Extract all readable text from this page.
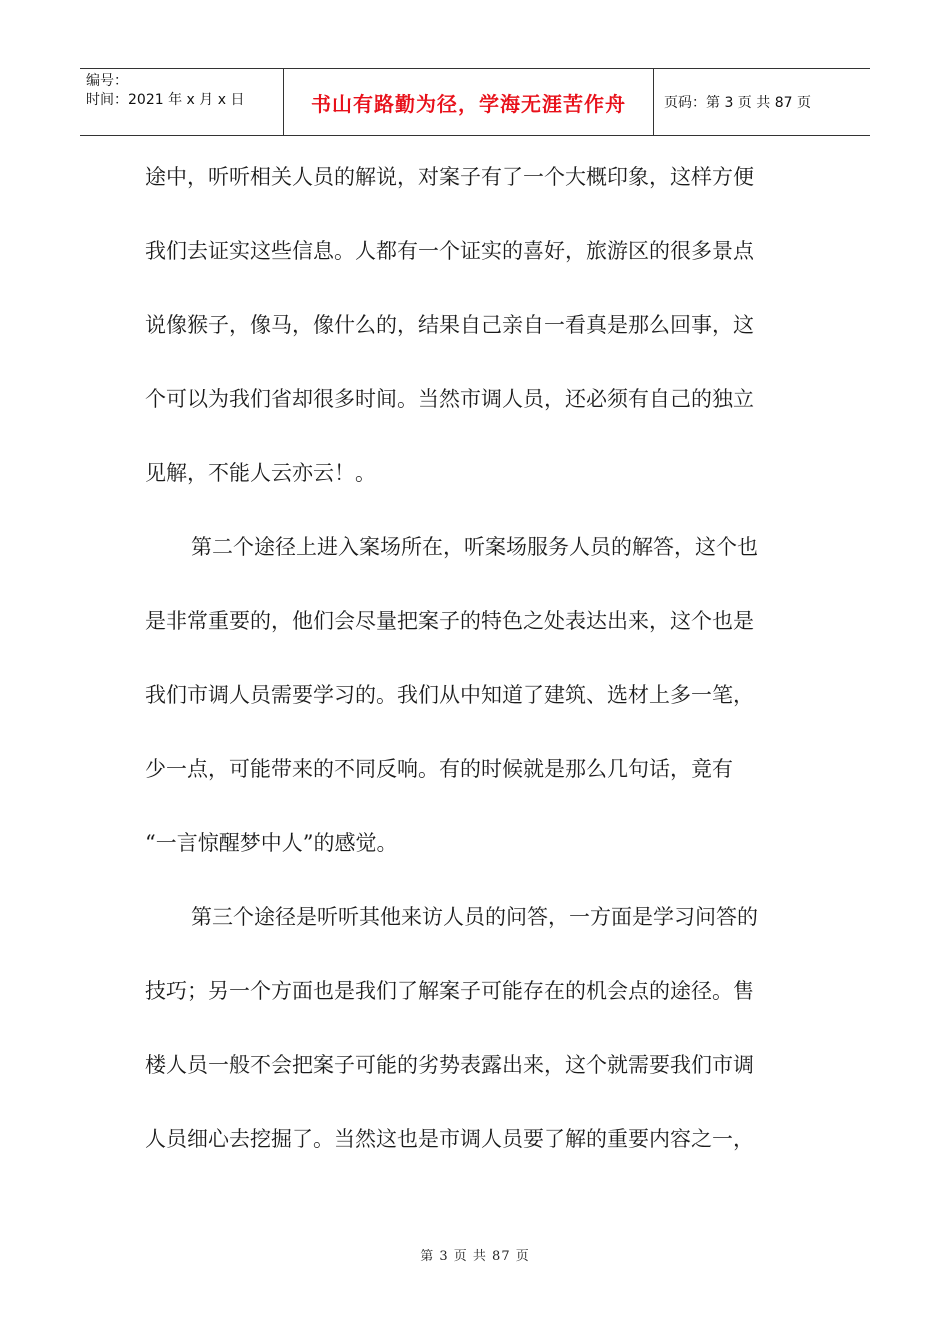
编号：
时间：2021 年 x 月 x 日	书山有路勤为径，学海无涯苦作舟	页码：第 3 页 共 87 页
途中，听听相关人员的解说，对案子有了一个大概印象，这样方便
我们去证实这些信息。人都有一个证实的喜好，旅游区的很多景点
说像猴子，像马，像什么的，结果自己亲自一看真是那么回事，这
个可以为我们省却很多时间。当然市调人员，还必须有自己的独立
见解，不能人云亦云！。
第二个途径上进入案场所在，听案场服务人员的解答，这个也
是非常重要的，他们会尽量把案子的特色之处表达出来，这个也是
我们市调人员需要学习的。我们从中知道了建筑、选材上多一笔，
少一点，可能带来的不同反响。有的时候就是那么几句话，竟有
“一言惊醒梦中人”的感觉。
第三个途径是听听其他来访人员的问答，一方面是学习问答的
技巧；另一个方面也是我们了解案子可能存在的机会点的途径。售
楼人员一般不会把案子可能的劣势表露出来，这个就需要我们市调
人员细心去挖掘了。当然这也是市调人员要了解的重要内容之一，
第 3 页 共 87 页
